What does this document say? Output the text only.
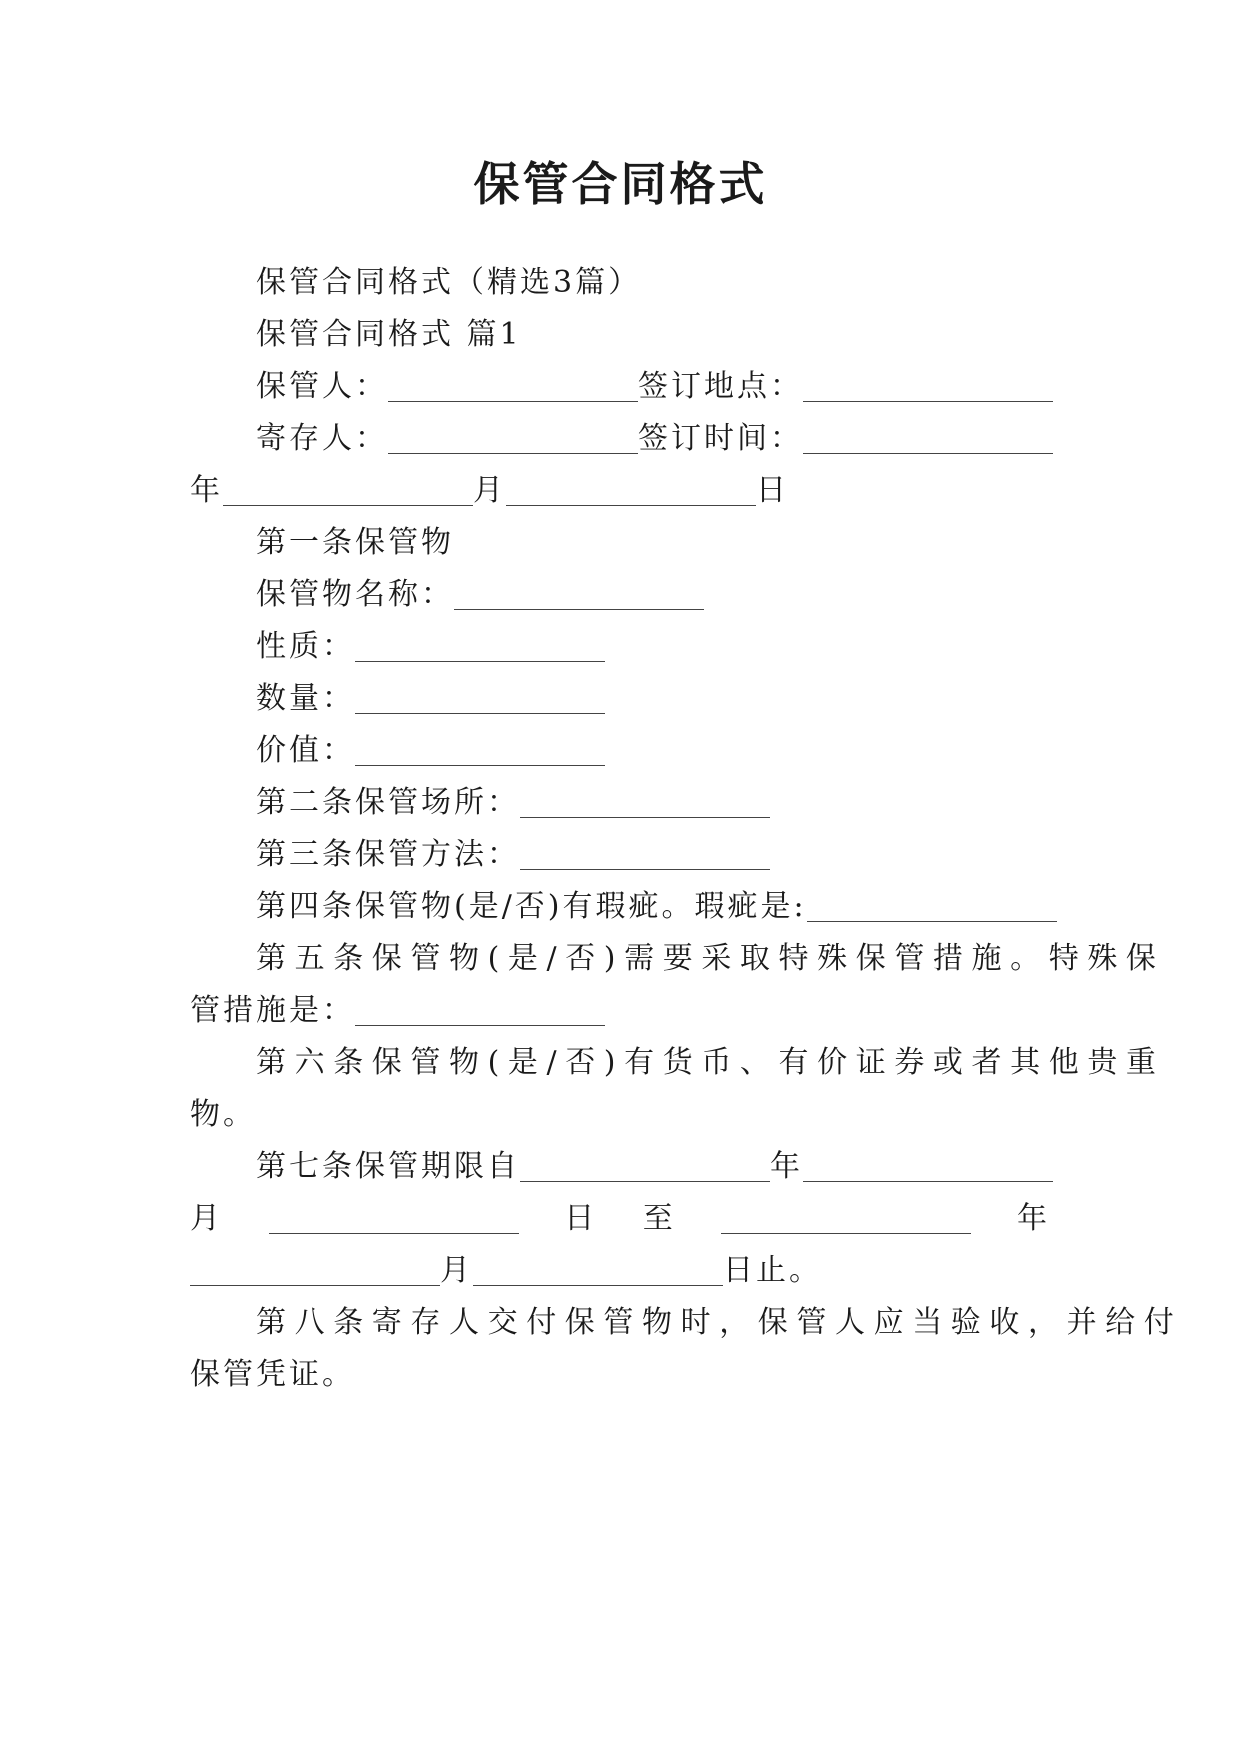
保管合同格式
保管合同格式（精选3篇）
保管合同格式 篇1
保管人：	签订地点：
寄存人：	签订时间：
年	月	日
第一条保管物
保管物名称：
性质：
数量：
价值：
第二条保管场所：
第三条保管方法：
第四条保管物(是/否)有瑕疵。瑕疵是:
第五条保管物(是/否)需要采取特殊保管措施。特殊保
管措施是：
第六条保管物(是/否)有货币、有价证券或者其他贵重
物。
第七条保管期限自	年
月	日 至	年
月	日止。
第八条寄存人交付保管物时，保管人应当验收，并给付
保管凭证。
